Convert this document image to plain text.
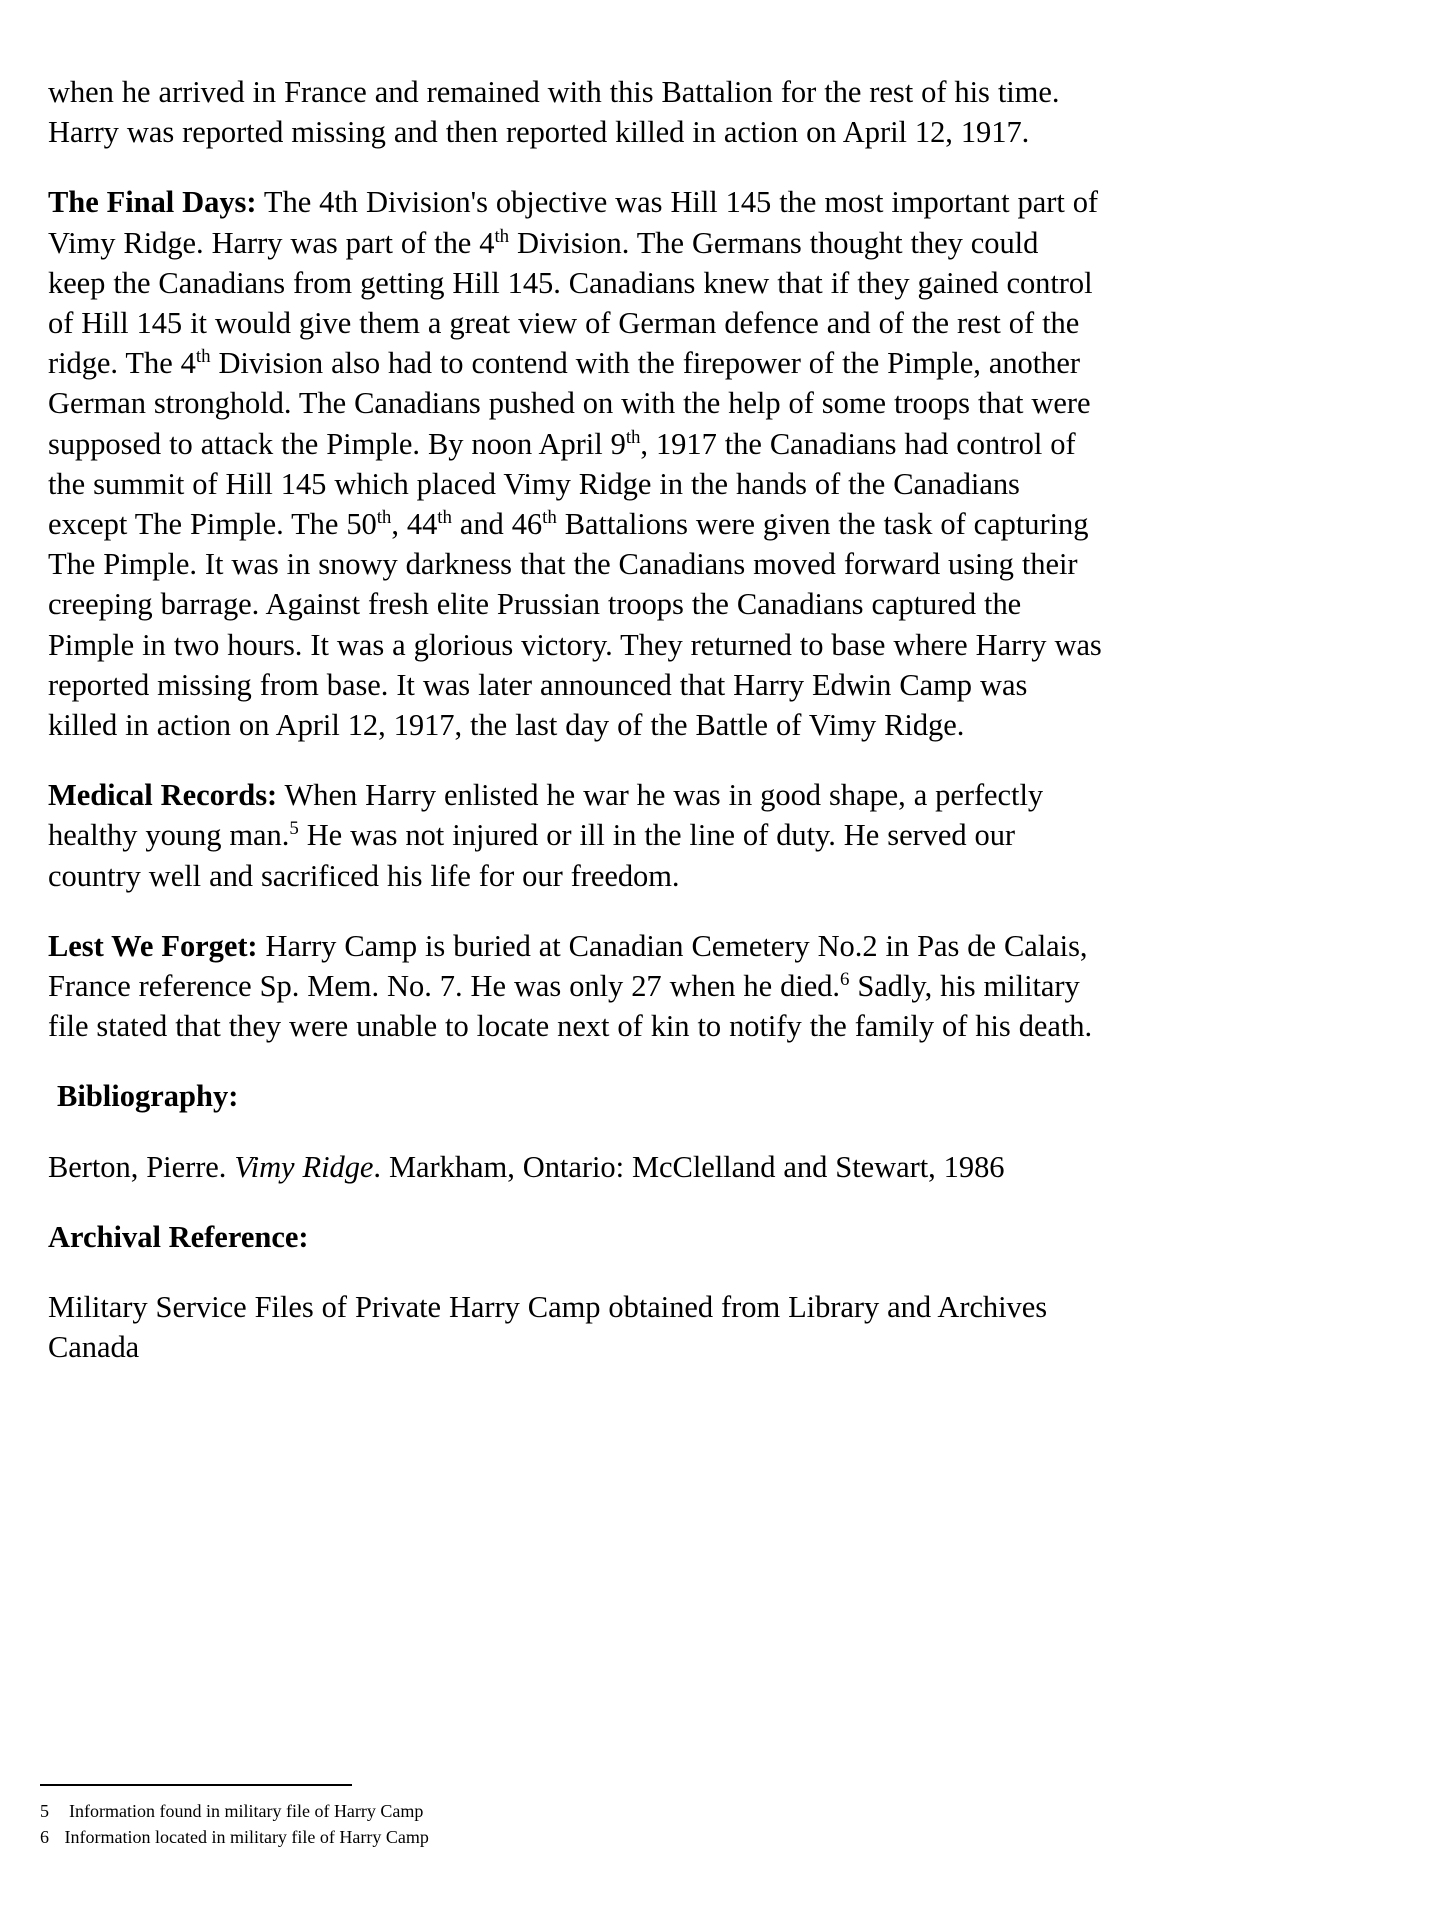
when he arrived in France and remained with this Battalion for the rest of his time. Harry was reported missing and then reported killed in action on April 12, 1917.

The Final Days: The 4th Division's objective was Hill 145 the most important part of Vimy Ridge. Harry was part of the 4th Division. The Germans thought they could keep the Canadians from getting Hill 145. Canadians knew that if they gained control of Hill 145 it would give them a great view of German defence and of the rest of the ridge. The 4th Division also had to contend with the firepower of the Pimple, another German stronghold. The Canadians pushed on with the help of some troops that were supposed to attack the Pimple. By noon April 9th, 1917 the Canadians had control of the summit of Hill 145 which placed Vimy Ridge in the hands of the Canadians except The Pimple. The 50th, 44th and 46th Battalions were given the task of capturing The Pimple. It was in snowy darkness that the Canadians moved forward using their creeping barrage. Against fresh elite Prussian troops the Canadians captured the Pimple in two hours. It was a glorious victory. They returned to base where Harry was reported missing from base. It was later announced that Harry Edwin Camp was killed in action on April 12, 1917, the last day of the Battle of Vimy Ridge.

Medical Records: When Harry enlisted he war he was in good shape, a perfectly healthy young man.$^5$ He was not injured or ill in the line of duty. He served our country well and sacrificed his life for our freedom.

Lest We Forget: Harry Camp is buried at Canadian Cemetery No.2 in Pas de Calais, France reference Sp. Mem. No. 7. He was only 27 when he died.$^6$ Sadly, his military file stated that they were unable to locate next of kin to notify the family of his death.

Bibliography:

Berton, Pierre. Vimy Ridge. Markham, Ontario: McClelland and Stewart, 1986

Archival Reference:

Military Service Files of Private Harry Camp obtained from Library and Archives Canada

5  Information found in military file of Harry Camp

6 Information located in military file of Harry Camp
